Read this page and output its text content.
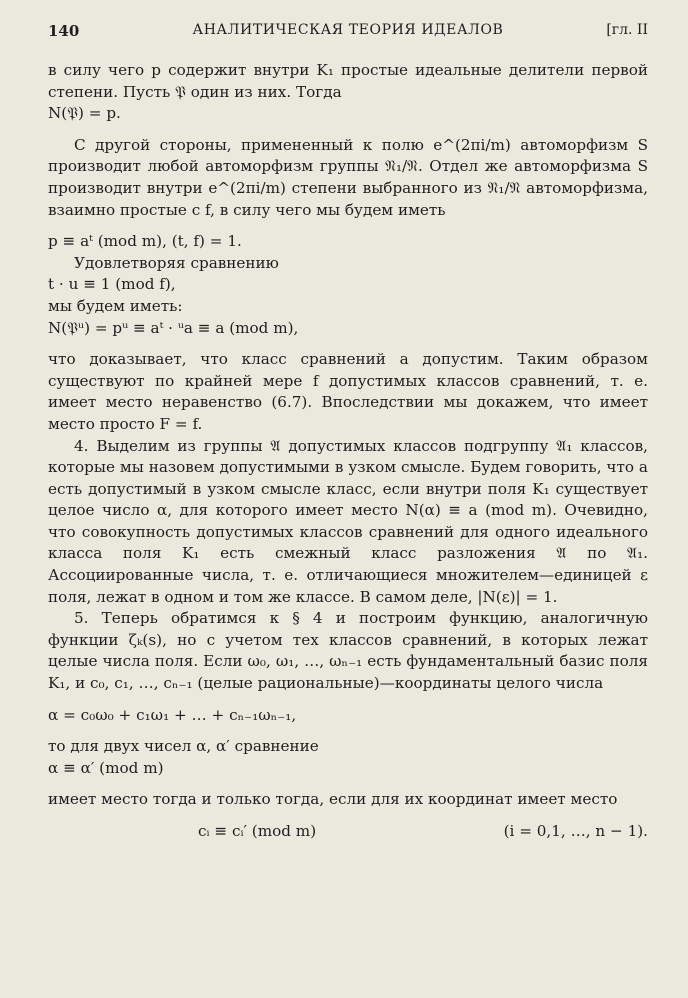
140	АНАЛИТИЧЕСКАЯ ТЕОРИЯ ИДЕАЛОВ	[гл. II

в силу чего p содержит внутри K₁ простые идеальные делители первой степени. Пусть 𝔓 один из них. Тогда

N(𝔓) = p.

С другой стороны, примененный к полю e^(2πi/m) автоморфизм S производит любой автоморфизм группы 𝔑₁/𝔑. Отдел же автоморфизма S производит внутри e^(2πi/m) степени выбранного из 𝔑₁/𝔑 автоморфизма, взаимно простые с f, в силу чего мы будем иметь

p ≡ aᵗ (mod m), (t, f) = 1.

Удовлетворяя сравнению

t · u ≡ 1 (mod f),

мы будем иметь:

N(𝔓ᵘ) = pᵘ ≡ aᵗ · ᵘa ≡ a (mod m),

что доказывает, что класс сравнений a допустим. Таким образом существуют по крайней мере f допустимых классов сравнений, т. е. имеет место неравенство (6.7). Впоследствии мы докажем, что имеет место просто F = f.

4. Выделим из группы 𝔄 допустимых классов подгруппу 𝔄₁ классов, которые мы назовем допустимыми в узком смысле. Будем говорить, что a есть допустимый в узком смысле класс, если внутри поля K₁ существует целое число α, для которого имеет место N(α) ≡ a (mod m). Очевидно, что совокупность допустимых классов сравнений для одного идеального класса поля K₁ есть смежный класс разложения 𝔄 по 𝔄₁. Ассоциированные числа, т. е. отличающиеся множителем—единицей ε поля, лежат в одном и том же классе. В самом деле, |N(ε)| = 1.

5. Теперь обратимся к § 4 и построим функцию, аналогичную функции ζₖ(s), но с учетом тех классов сравнений, в которых лежат целые числа поля. Если ω₀, ω₁, …, ωₙ₋₁ есть фундаментальный базис поля K₁, и c₀, c₁, …, cₙ₋₁ (целые рациональные)—координаты целого числа

α = c₀ω₀ + c₁ω₁ + … + cₙ₋₁ωₙ₋₁,

то для двух чисел α, α′ сравнение

α ≡ α′ (mod m)

имеет место тогда и только тогда, если для их координат имеет место

cᵢ ≡ cᵢ′ (mod m)	(i = 0,1, …, n − 1).
